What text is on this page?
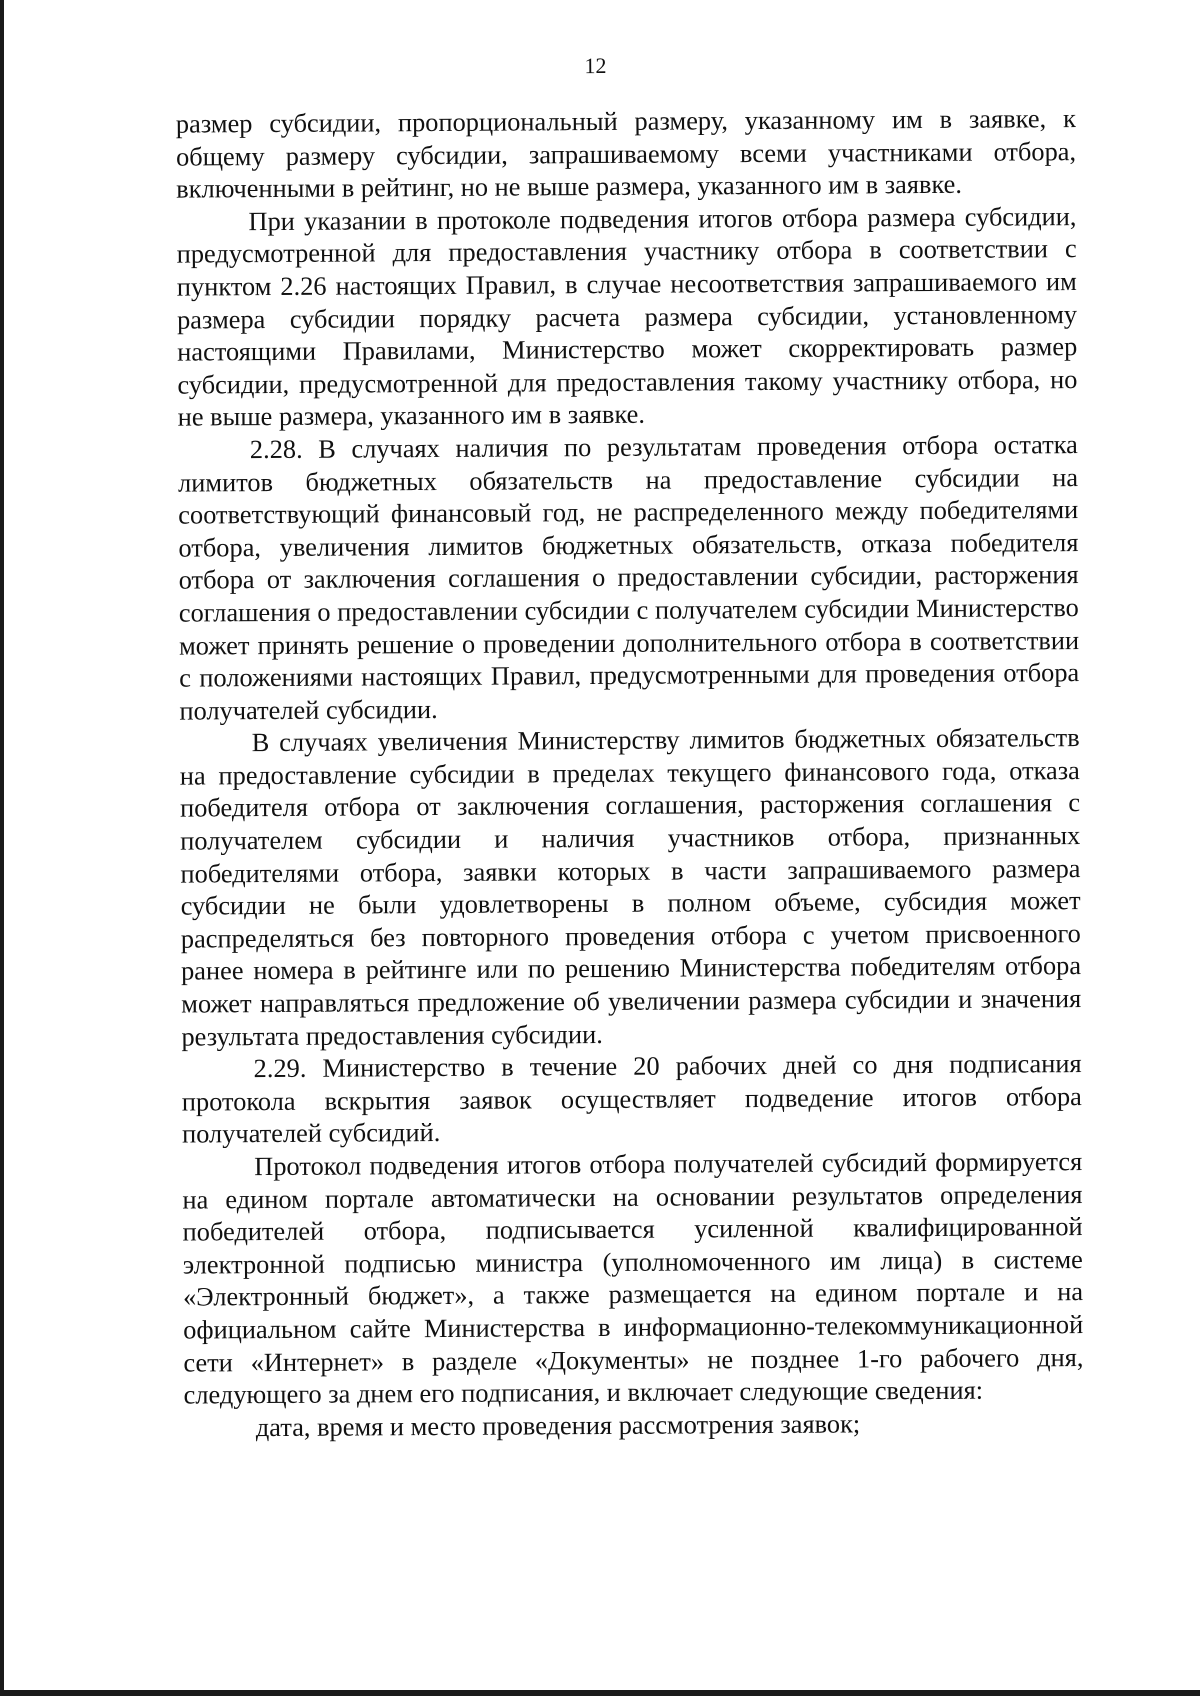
12

размер субсидии, пропорциональный размеру, указанному им в заявке, к общему размеру субсидии, запрашиваемому всеми участниками отбора, включенными в рейтинг, но не выше размера, указанного им в заявке.

При указании в протоколе подведения итогов отбора размера субсидии, предусмотренной для предоставления участнику отбора в соответствии с пунктом 2.26 настоящих Правил, в случае несоответствия запрашиваемого им размера субсидии порядку расчета размера субсидии, установленному настоящими Правилами, Министерство может скорректировать размер субсидии, предусмотренной для предоставления такому участнику отбора, но не выше размера, указанного им в заявке.

2.28. В случаях наличия по результатам проведения отбора остатка лимитов бюджетных обязательств на предоставление субсидии на соответствующий финансовый год, не распределенного между победителями отбора, увеличения лимитов бюджетных обязательств, отказа победителя отбора от заключения соглашения о предоставлении субсидии, расторжения соглашения о предоставлении субсидии с получателем субсидии Министерство может принять решение о проведении дополнительного отбора в соответствии с положениями настоящих Правил, предусмотренными для проведения отбора получателей субсидии.

В случаях увеличения Министерству лимитов бюджетных обязательств на предоставление субсидии в пределах текущего финансового года, отказа победителя отбора от заключения соглашения, расторжения соглашения с получателем субсидии и наличия участников отбора, признанных победителями отбора, заявки которых в части запрашиваемого размера субсидии не были удовлетворены в полном объеме, субсидия может распределяться без повторного проведения отбора с учетом присвоенного ранее номера в рейтинге или по решению Министерства победителям отбора может направляться предложение об увеличении размера субсидии и значения результата предоставления субсидии.

2.29. Министерство в течение 20 рабочих дней со дня подписания протокола вскрытия заявок осуществляет подведение итогов отбора получателей субсидий.

Протокол подведения итогов отбора получателей субсидий формируется на едином портале автоматически на основании результатов определения победителей отбора, подписывается усиленной квалифицированной электронной подписью министра (уполномоченного им лица) в системе «Электронный бюджет», а также размещается на едином портале и на официальном сайте Министерства в информационно-телекоммуникационной сети «Интернет» в разделе «Документы» не позднее 1-го рабочего дня, следующего за днем его подписания, и включает следующие сведения:

дата, время и место проведения рассмотрения заявок;
